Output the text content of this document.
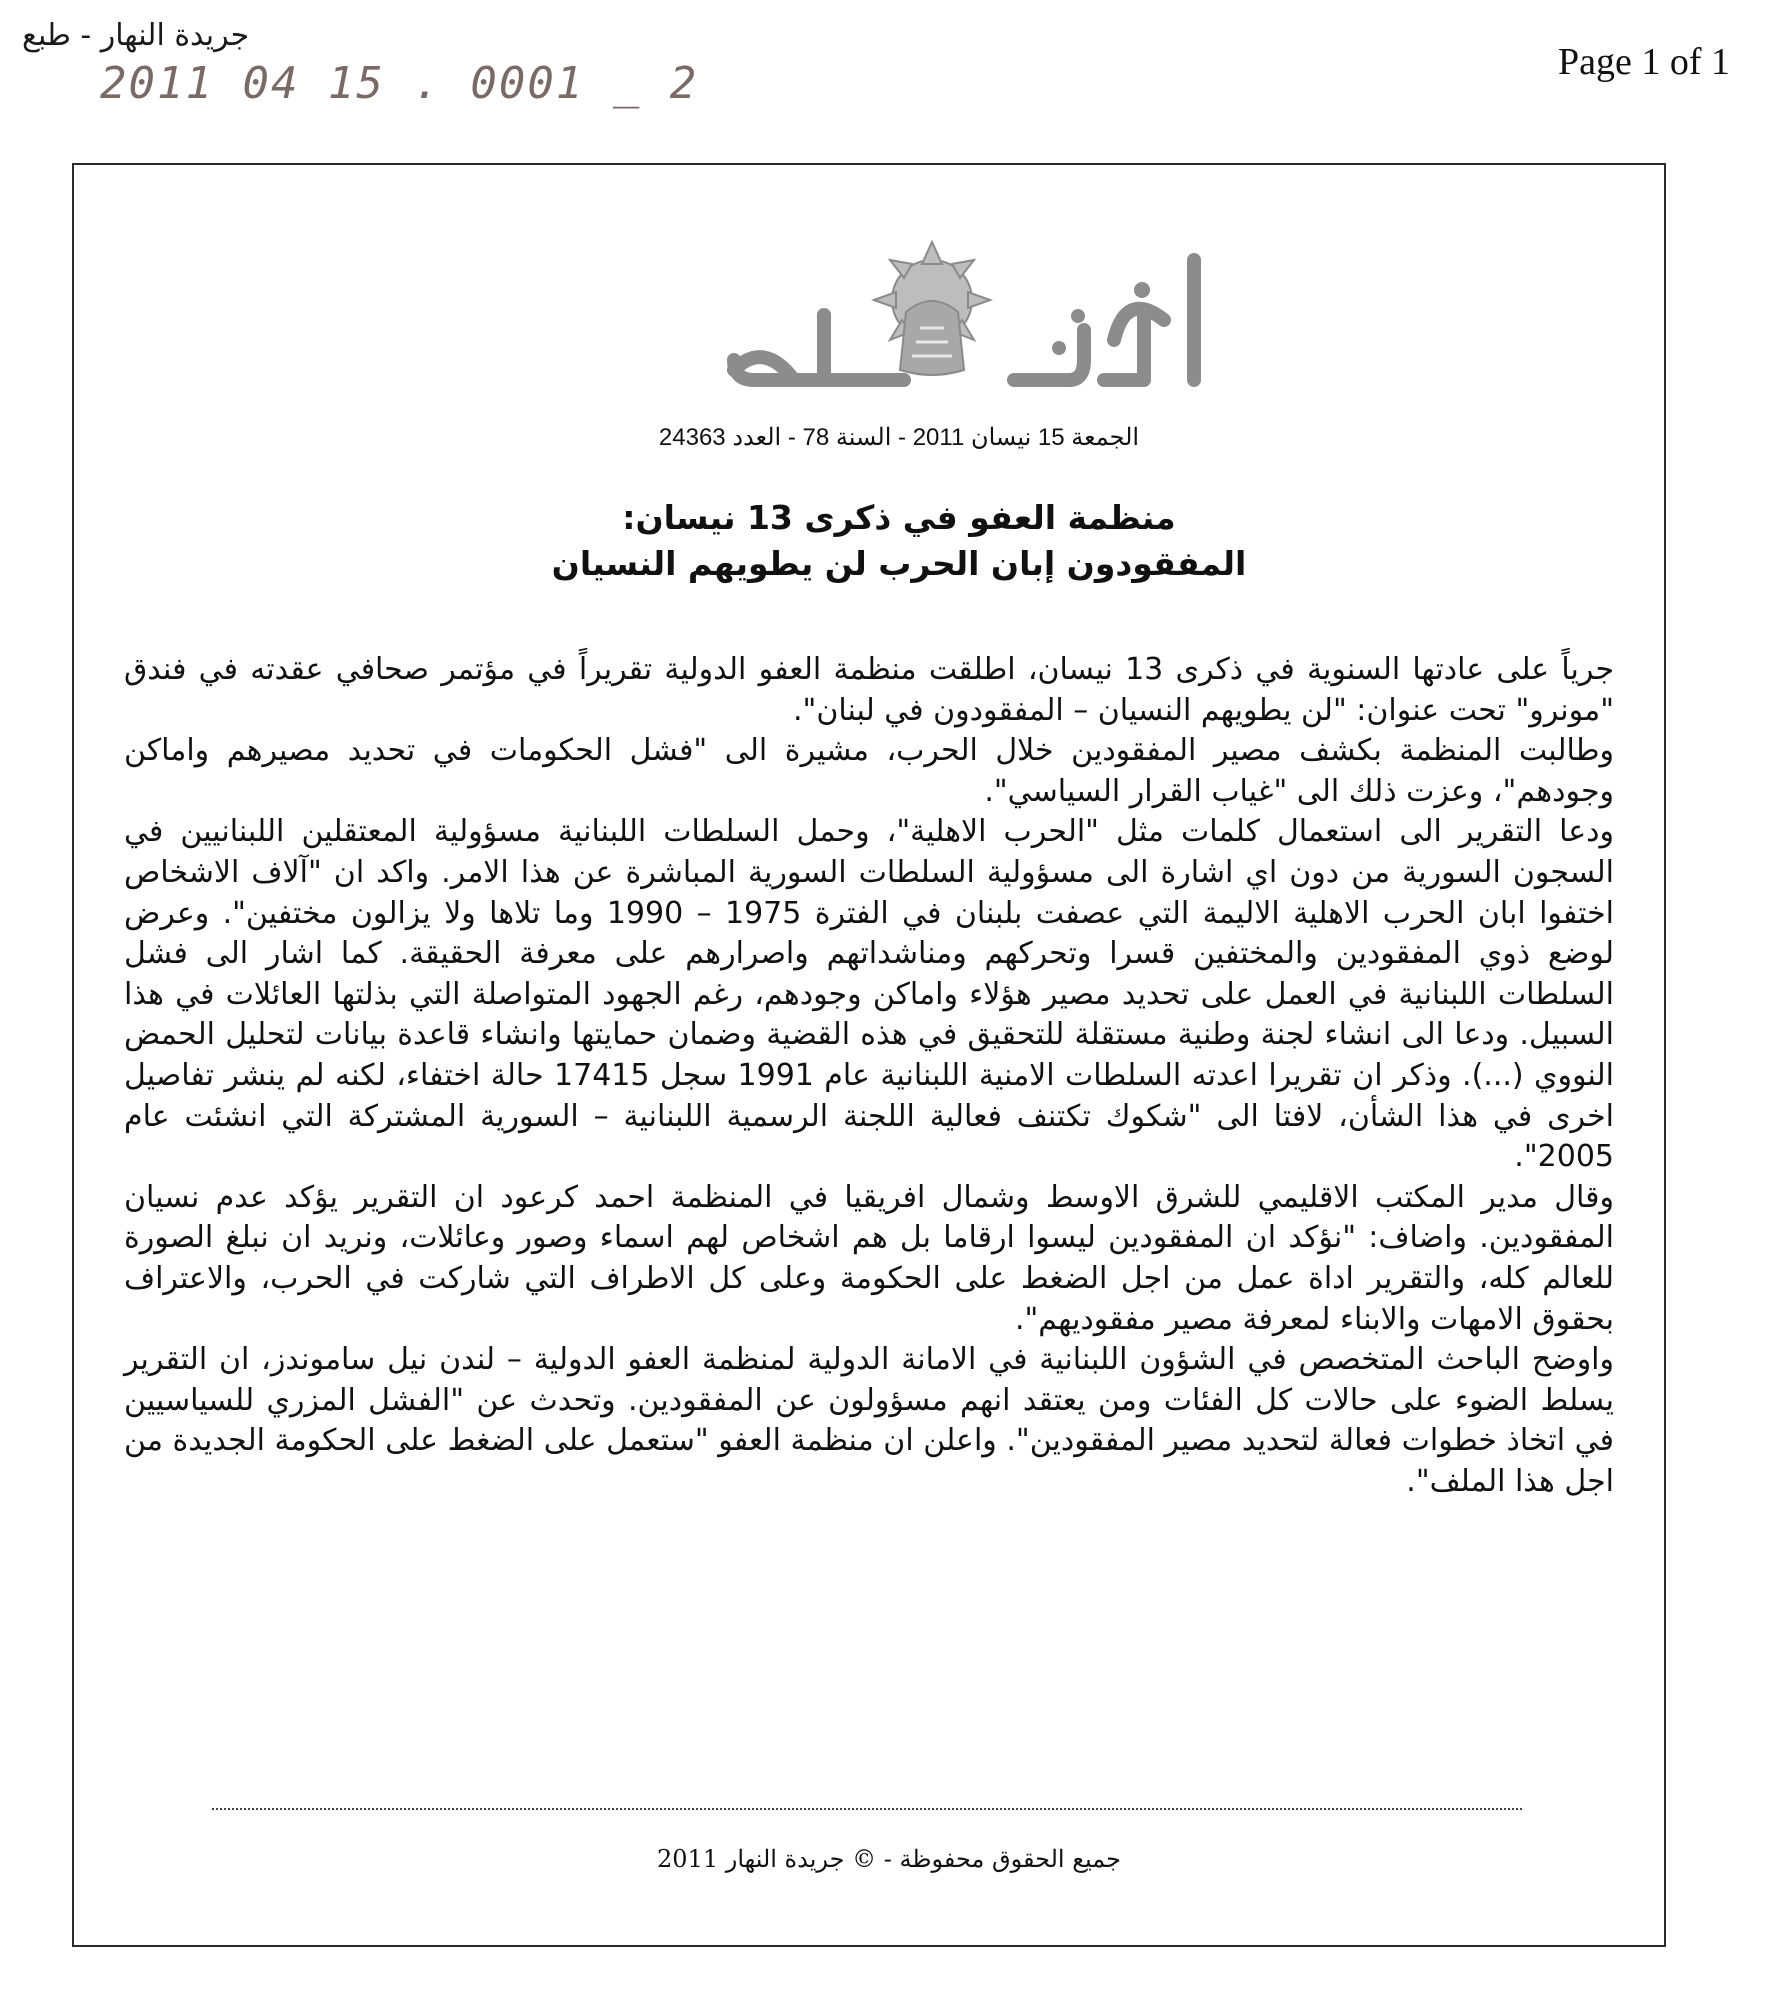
جريدة النهار - طبع
2011 04 15 . 0001 _ 2	Page 1 of 1
الجمعة 15 نيسان 2011 - السنة 78 - العدد 24363
منظمة العفو في ذكرى 13 نيسان:
المفقودون إبان الحرب لن يطويهم النسيان

جرياً على عادتها السنوية في ذكرى 13 نيسان، اطلقت منظمة العفو الدولية تقريراً في مؤتمر صحافي عقدته في فندق "مونرو" تحت عنوان: "لن يطويهم النسيان – المفقودون في لبنان".

وطالبت المنظمة بكشف مصير المفقودين خلال الحرب، مشيرة الى "فشل الحكومات في تحديد مصيرهم واماكن وجودهم"، وعزت ذلك الى "غياب القرار السياسي".

ودعا التقرير الى استعمال كلمات مثل "الحرب الاهلية"، وحمل السلطات اللبنانية مسؤولية المعتقلين اللبنانيين في السجون السورية من دون اي اشارة الى مسؤولية السلطات السورية المباشرة عن هذا الامر. واكد ان "آلاف الاشخاص اختفوا ابان الحرب الاهلية الاليمة التي عصفت بلبنان في الفترة 1975 – 1990 وما تلاها ولا يزالون مختفين". وعرض لوضع ذوي المفقودين والمختفين قسرا وتحركهم ومناشداتهم واصرارهم على معرفة الحقيقة. كما اشار الى فشل السلطات اللبنانية في العمل على تحديد مصير هؤلاء واماكن وجودهم، رغم الجهود المتواصلة التي بذلتها العائلات في هذا السبيل. ودعا الى انشاء لجنة وطنية مستقلة للتحقيق في هذه القضية وضمان حمايتها وانشاء قاعدة بيانات لتحليل الحمض النووي (...). وذكر ان تقريرا اعدته السلطات الامنية اللبنانية عام 1991 سجل 17415 حالة اختفاء، لكنه لم ينشر تفاصيل اخرى في هذا الشأن، لافتا الى "شكوك تكتنف فعالية اللجنة الرسمية اللبنانية – السورية المشتركة التي انشئت عام 2005".

وقال مدير المكتب الاقليمي للشرق الاوسط وشمال افريقيا في المنظمة احمد كرعود ان التقرير يؤكد عدم نسيان المفقودين. واضاف: "نؤكد ان المفقودين ليسوا ارقاما بل هم اشخاص لهم اسماء وصور وعائلات، ونريد ان نبلغ الصورة للعالم كله، والتقرير اداة عمل من اجل الضغط على الحكومة وعلى كل الاطراف التي شاركت في الحرب، والاعتراف بحقوق الامهات والابناء لمعرفة مصير مفقوديهم".

واوضح الباحث المتخصص في الشؤون اللبنانية في الامانة الدولية لمنظمة العفو الدولية – لندن نيل ساموندز، ان التقرير يسلط الضوء على حالات كل الفئات ومن يعتقد انهم مسؤولون عن المفقودين. وتحدث عن "الفشل المزري للسياسيين في اتخاذ خطوات فعالة لتحديد مصير المفقودين". واعلن ان منظمة العفو "ستعمل على الضغط على الحكومة الجديدة من اجل هذا الملف".

جميع الحقوق محفوظة - © جريدة النهار 2011
